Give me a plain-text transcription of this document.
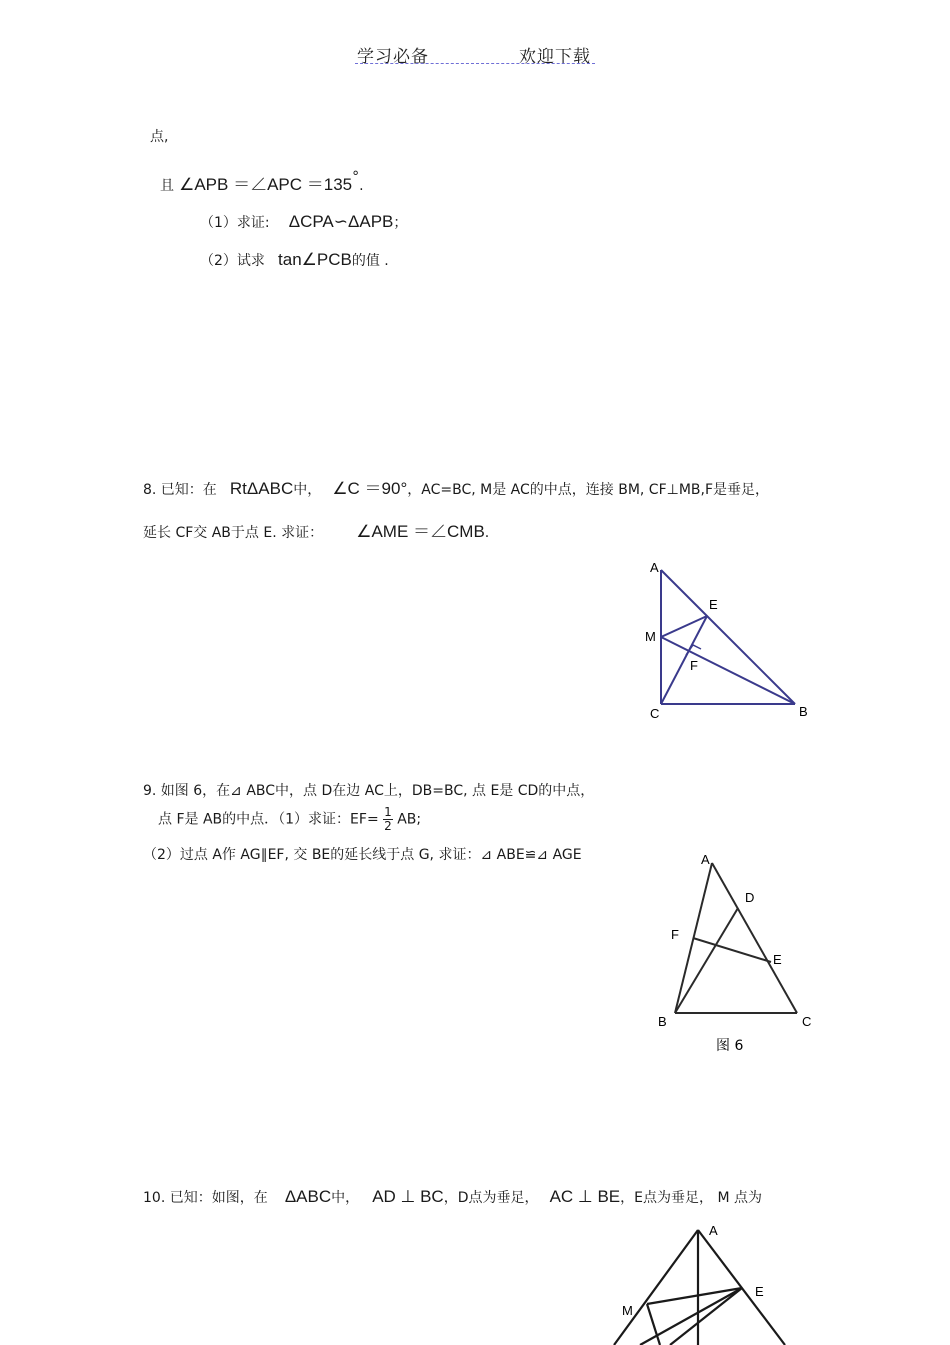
学习必备	欢迎下载
点,
且 ∠APB ＝∠APC ＝135°.
（1）求证: ΔCPA∽ΔAPB；
（2）试求 tan∠PCB的值 .
8. 已知：在 RtΔABC中， ∠C ＝90°，AC=BC, M是 AC的中点，连接 BM, CF⊥MB,F是垂足，
延长 CF交 AB于点 E. 求证： ∠AME ＝∠CMB.
A
E
M
F
C	B
9. 如图 6，在⊿ ABC中，点 D在边 AC上，DB=BC, 点 E是 CD的中点，
点 F是 AB的中点．（1）求证：$EF= \frac{1}{2}$ AB;
（2）过点 A作 AG∥EF, 交 BE的延长线于点 G, 求证：⊿ ABE≌⊿ AGE	A
D
F
E
B	C
图 6
10. 已知：如图，在 ΔABC中， AD ⊥ BC，D点为垂足， AC ⊥ BE，E点为垂足， M 点为
A
E
M
